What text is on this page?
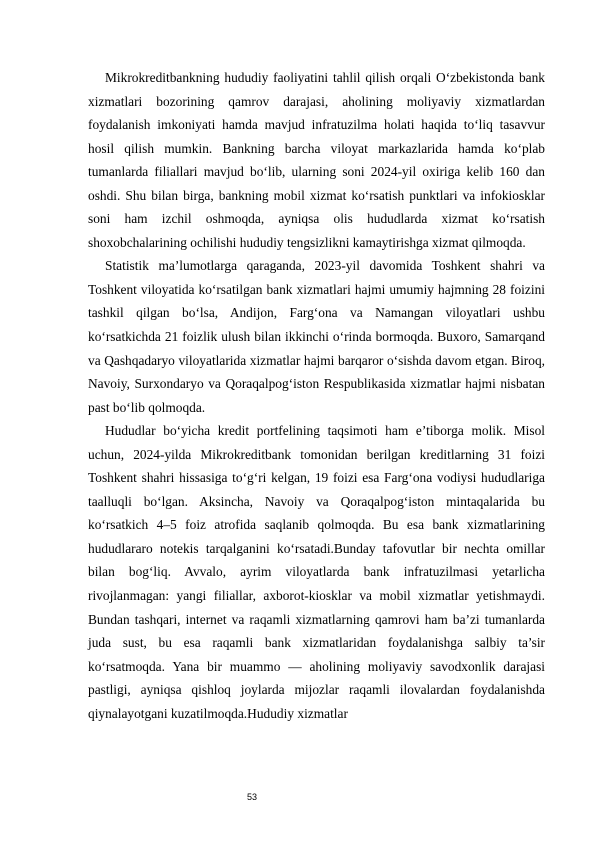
Mikrokreditbankning hududiy faoliyatini tahlil qilish orqali O‘zbekistonda bank xizmatlari bozorining qamrov darajasi, aholining moliyaviy xizmatlardan foydalanish imkoniyati hamda mavjud infratuzilma holati haqida to‘liq tasavvur hosil qilish mumkin. Bankning barcha viloyat markazlarida hamda ko‘plab tumanlarda filiallari mavjud bo‘lib, ularning soni 2024-yil oxiriga kelib 160 dan oshdi. Shu bilan birga, bankning mobil xizmat ko‘rsatish punktlari va infokiosklar soni ham izchil oshmoqda, ayniqsa olis hududlarda xizmat ko‘rsatish shoxobchalarining ochilishi hududiy tengsizlikni kamaytirishga xizmat qilmoqda.

Statistik ma’lumotlarga qaraganda, 2023-yil davomida Toshkent shahri va Toshkent viloyatida ko‘rsatilgan bank xizmatlari hajmi umumiy hajmning 28 foizini tashkil qilgan bo‘lsa, Andijon, Farg‘ona va Namangan viloyatlari ushbu ko‘rsatkichda 21 foizlik ulush bilan ikkinchi o‘rinda bormoqda. Buxoro, Samarqand va Qashqadaryo viloyatlarida xizmatlar hajmi barqaror o‘sishda davom etgan. Biroq, Navoiy, Surxondaryo va Qoraqalpog‘iston Respublikasida xizmatlar hajmi nisbatan past bo‘lib qolmoqda.

Hududlar bo‘yicha kredit portfelining taqsimoti ham e’tiborga molik. Misol uchun, 2024-yilda Mikrokreditbank tomonidan berilgan kreditlarning 31 foizi Toshkent shahri hissasiga to‘g‘ri kelgan, 19 foizi esa Farg‘ona vodiysi hududlariga taalluqli bo‘lgan. Aksincha, Navoiy va Qoraqalpog‘iston mintaqalarida bu ko‘rsatkich 4–5 foiz atrofida saqlanib qolmoqda. Bu esa bank xizmatlarining hududlararo notekis tarqalganini ko‘rsatadi.Bunday tafovutlar bir nechta omillar bilan bog‘liq. Avvalo, ayrim viloyatlarda bank infratuzilmasi yetarlicha rivojlanmagan: yangi filiallar, axborot-kiosklar va mobil xizmatlar yetishmaydi. Bundan tashqari, internet va raqamli xizmatlarning qamrovi ham ba’zi tumanlarda juda sust, bu esa raqamli bank xizmatlaridan foydalanishga salbiy ta’sir ko‘rsatmoqda. Yana bir muammo — aholining moliyaviy savodxonlik darajasi pastligi, ayniqsa qishloq joylarda mijozlar raqamli ilovalardan foydalanishda qiynalayotgani kuzatilmoqda.Hududiy xizmatlar

53
